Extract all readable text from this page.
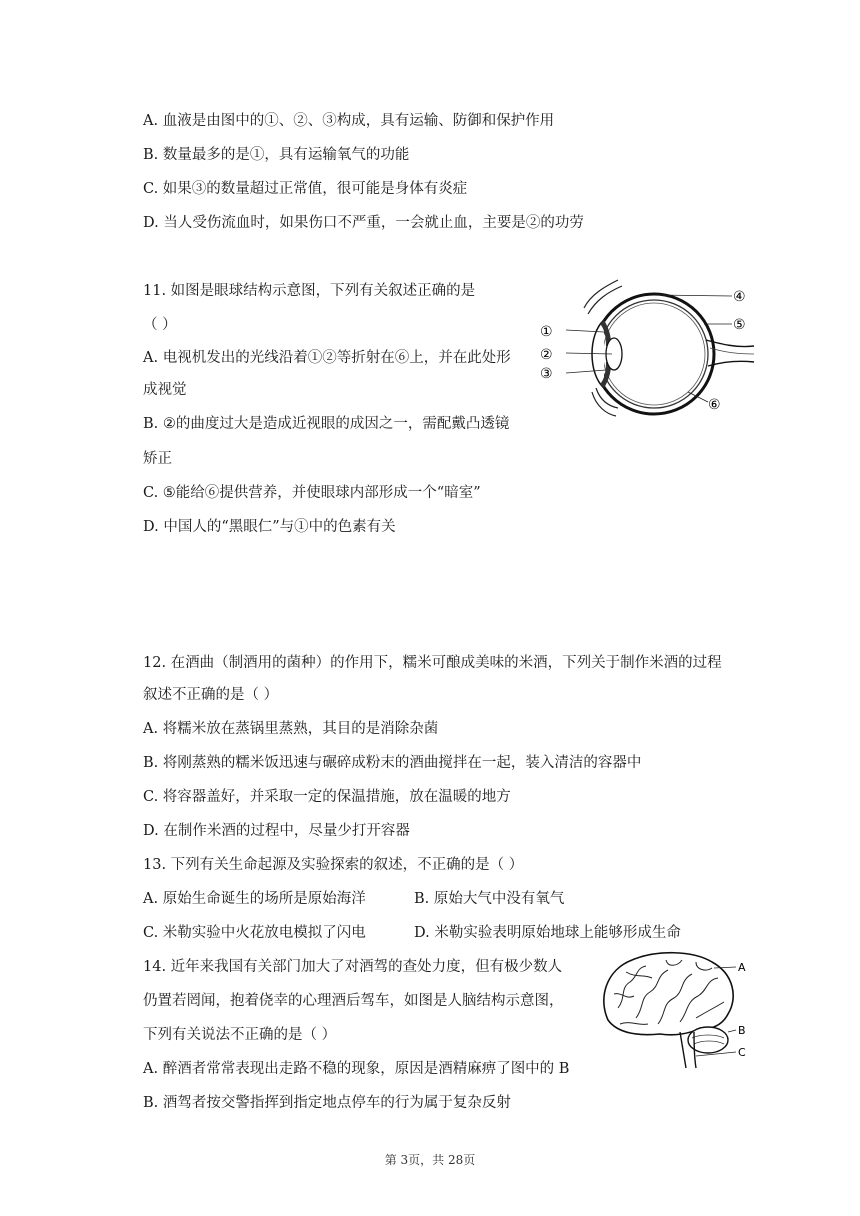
A. 血液是由图中的①、②、③构成，具有运输、防御和保护作用
B. 数量最多的是①，具有运输氧气的功能
C. 如果③的数量超过正常值，很可能是身体有炎症
D. 当人受伤流血时，如果伤口不严重，一会就止血，主要是②的功劳
11. 如图是眼球结构示意图，下列有关叙述正确的是
（ ）
A. 电视机发出的光线沿着①②等折射在⑥上，并在此处形
成视觉
B. ②的曲度过大是造成近视眼的成因之一，需配戴凸透镜
矫正
C. ⑤能给⑥提供营养，并使眼球内部形成一个“暗室”
D. 中国人的“黑眼仁”与①中的色素有关
④
⑤
①
②
③
⑥
12. 在酒曲（制酒用的菌种）的作用下，糯米可酿成美味的米酒，下列关于制作米酒的过程
叙述不正确的是（ ）
A. 将糯米放在蒸锅里蒸熟，其目的是消除杂菌
B. 将刚蒸熟的糯米饭迅速与碾碎成粉末的酒曲搅拌在一起，装入清洁的容器中
C. 将容器盖好，并采取一定的保温措施，放在温暖的地方
D. 在制作米酒的过程中，尽量少打开容器
13. 下列有关生命起源及实验探索的叙述，不正确的是（ ）
A. 原始生命诞生的场所是原始海洋	B. 原始大气中没有氧气
C. 米勒实验中火花放电模拟了闪电	D. 米勒实验表明原始地球上能够形成生命
14. 近年来我国有关部门加大了对酒驾的查处力度，但有极少数人
仍置若罔闻，抱着侥幸的心理酒后驾车，如图是人脑结构示意图，
下列有关说法不正确的是（ ）
A. 醉酒者常常表现出走路不稳的现象，原因是酒精麻痹了图中的 B
B. 酒驾者按交警指挥到指定地点停车的行为属于复杂反射
A
B
C
第 3页，共 28页
